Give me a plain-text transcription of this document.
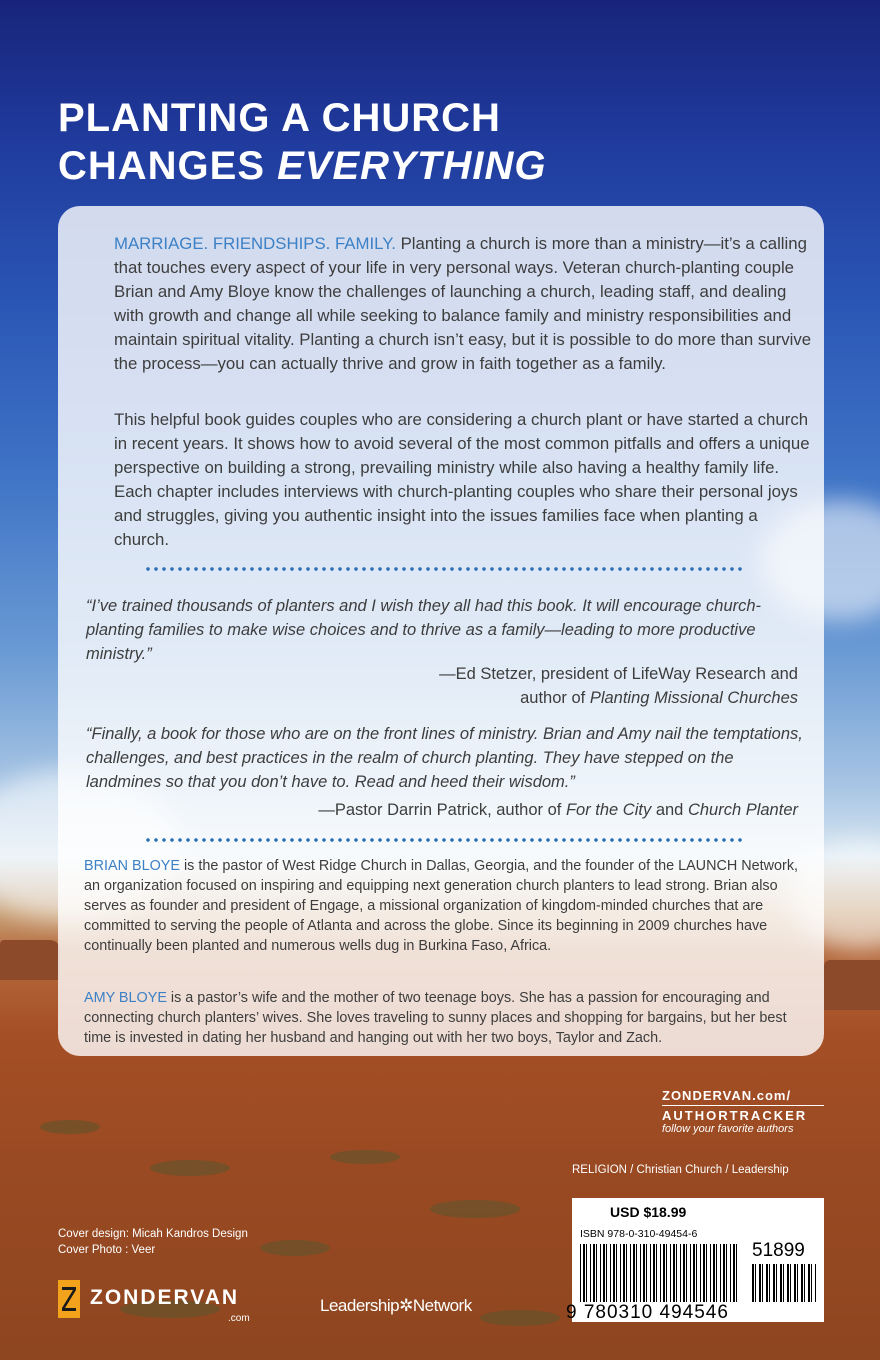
PLANTING A CHURCH
CHANGES EVERYTHING

MARRIAGE. FRIENDSHIPS. FAMILY. Planting a church is more than a ministry—it’s a calling that touches every aspect of your life in very personal ways. Veteran church-planting couple Brian and Amy Bloye know the challenges of launching a church, leading staff, and dealing with growth and change all while seeking to balance family and ministry responsibilities and maintain spiritual vitality. Planting a church isn’t easy, but it is possible to do more than survive the process—you can actually thrive and grow in faith together as a family.

This helpful book guides couples who are considering a church plant or have started a church in recent years. It shows how to avoid several of the most common pitfalls and offers a unique perspective on building a strong, prevailing ministry while also having a healthy family life. Each chapter includes interviews with church-planting couples who share their personal joys and struggles, giving you authentic insight into the issues families face when planting a church.

“I’ve trained thousands of planters and I wish they all had this book. It will encourage church-planting families to make wise choices and to thrive as a family—leading to more productive ministry.”

—Ed Stetzer, president of LifeWay Research and
author of Planting Missional Churches

“Finally, a book for those who are on the front lines of ministry. Brian and Amy nail the temptations, challenges, and best practices in the realm of church planting. They have stepped on the landmines so that you don’t have to. Read and heed their wisdom.”

—Pastor Darrin Patrick, author of For the City and Church Planter

BRIAN BLOYE is the pastor of West Ridge Church in Dallas, Georgia, and the founder of the LAUNCH Network, an organization focused on inspiring and equipping next generation church planters to lead strong. Brian also serves as founder and president of Engage, a missional organization of kingdom-minded churches that are committed to serving the people of Atlanta and across the globe. Since its beginning in 2009 churches have continually been planted and numerous wells dug in Burkina Faso, Africa.

AMY BLOYE is a pastor’s wife and the mother of two teenage boys. She has a passion for encouraging and connecting church planters’ wives. She loves traveling to sunny places and shopping for bargains, but her best time is invested in dating her husband and hanging out with her two boys, Taylor and Zach.

ZONDERVAN.com/
AUTHORTRACKER
follow your favorite authors
RELIGION / Christian Church / Leadership
USD $18.99
ISBN 978-0-310-49454-6
51899
9 780310 494546
Cover design: Micah Kandros Design
Cover Photo : Veer
ZONDERVAN
.com
Leadership✲Network
